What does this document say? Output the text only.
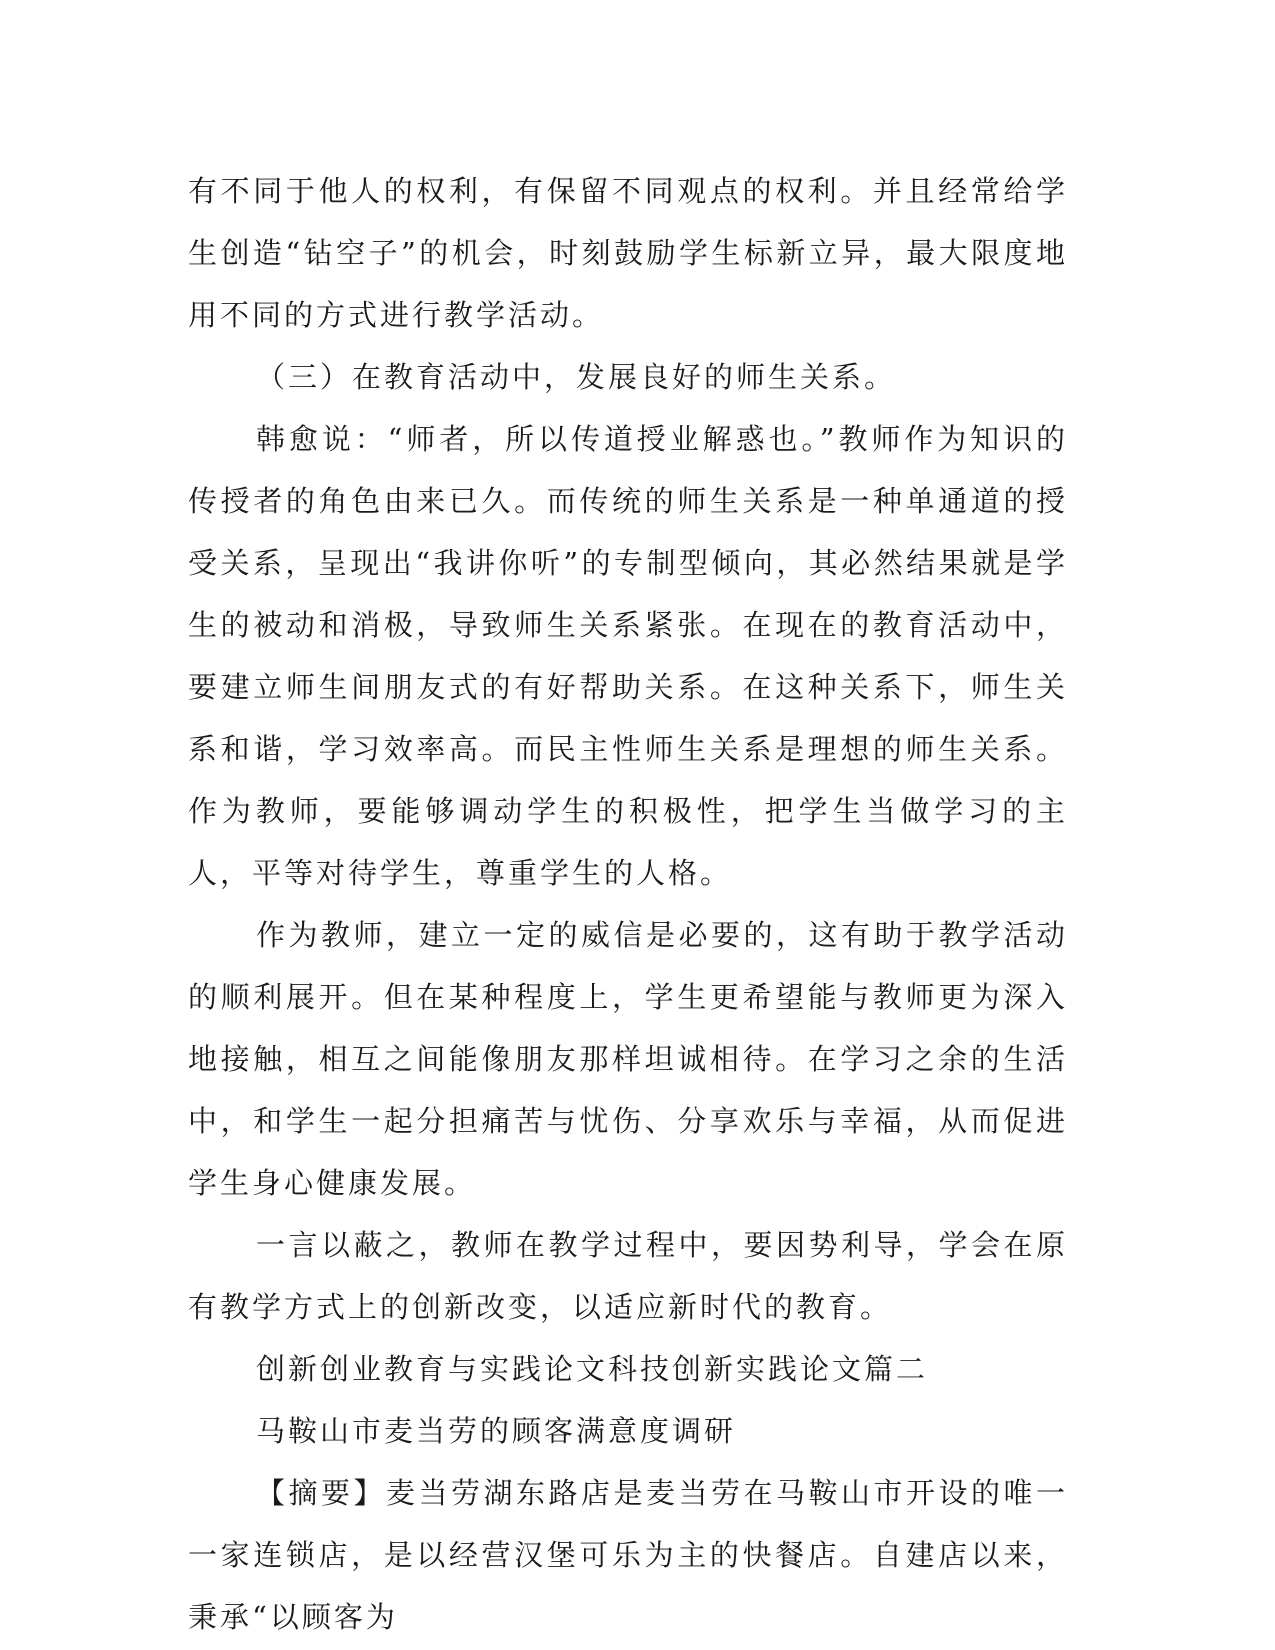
有不同于他人的权利，有保留不同观点的权利。并且经常给学生创造“钻空子”的机会，时刻鼓励学生标新立异，最大限度地用不同的方式进行教学活动。

（三）在教育活动中，发展良好的师生关系。

韩愈说：“师者，所以传道授业解惑也。”教师作为知识的传授者的角色由来已久。而传统的师生关系是一种单通道的授受关系，呈现出“我讲你听”的专制型倾向，其必然结果就是学生的被动和消极，导致师生关系紧张。在现在的教育活动中，要建立师生间朋友式的有好帮助关系。在这种关系下，师生关系和谐，学习效率高。而民主性师生关系是理想的师生关系。作为教师，要能够调动学生的积极性，把学生当做学习的主人，平等对待学生，尊重学生的人格。

作为教师，建立一定的威信是必要的，这有助于教学活动的顺利展开。但在某种程度上，学生更希望能与教师更为深入地接触，相互之间能像朋友那样坦诚相待。在学习之余的生活中，和学生一起分担痛苦与忧伤、分享欢乐与幸福，从而促进学生身心健康发展。

一言以蔽之，教师在教学过程中，要因势利导，学会在原有教学方式上的创新改变，以适应新时代的教育。

创新创业教育与实践论文科技创新实践论文篇二

马鞍山市麦当劳的顾客满意度调研

【摘要】麦当劳湖东路店是麦当劳在马鞍山市开设的唯一一家连锁店，是以经营汉堡可乐为主的快餐店。自建店以来，秉承“以顾客为
